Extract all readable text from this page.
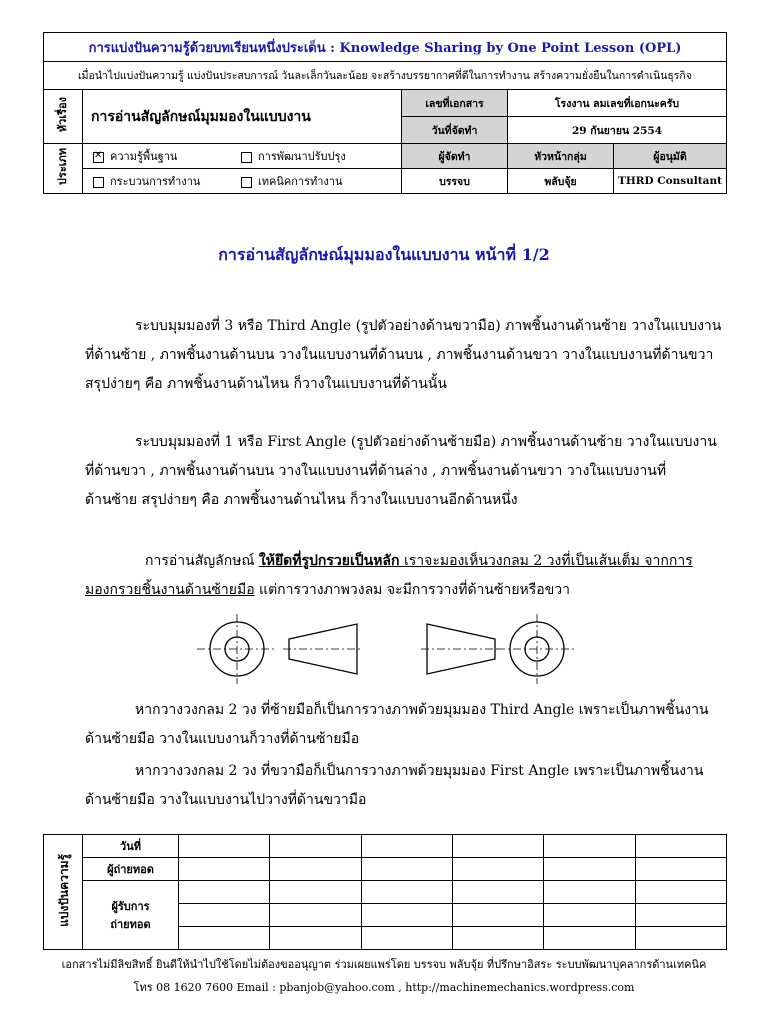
การแบ่งปันความรู้ด้วยบทเรียนหนึ่งประเด็น : Knowledge Sharing by One Point Lesson (OPL)					
เมื่อนำไปแบ่งปันความรู้ แบ่งปันประสบการณ์ วันละเล็กวันละน้อย จะสร้างบรรยากาศที่ดีในการทำงาน สร้างความยั่งยืนในการดำเนินธุรกิจ					
หัวเรื่อง	การอ่านสัญลักษณ์มุมมองในแบบงาน		เลขที่เอกสาร	โรงงาน ลมเลขที่เอกนะครับ	
			วันที่จัดทำ	29 กันยายน 2554	
ประเภท	✕ความรู้พื้นฐาน	การพัฒนาปรับปรุง	ผู้จัดทำ	หัวหน้ากลุ่ม	ผู้อนุมัติ
	กระบวนการทำงาน	เทคนิคการทำงาน	บรรจบ	พลับจุ้ย	THRD Consultant
การอ่านสัญลักษณ์มุมมองในแบบงาน หน้าที่ 1/2
ระบบมุมมองที่ 3 หรือ Third Angle (รูปตัวอย่างด้านขวามือ) ภาพชิ้นงานด้านซ้าย วางในแบบงาน
ที่ด้านซ้าย , ภาพชิ้นงานด้านบน วางในแบบงานที่ด้านบน , ภาพชิ้นงานด้านขวา วางในแบบงานที่ด้านขวา
สรุปง่ายๆ คือ ภาพชิ้นงานด้านไหน ก็วางในแบบงานที่ด้านนั้น
ระบบมุมมองที่ 1 หรือ First Angle (รูปตัวอย่างด้านซ้ายมือ) ภาพชิ้นงานด้านซ้าย วางในแบบงาน
ที่ด้านขวา , ภาพชิ้นงานด้านบน วางในแบบงานที่ด้านล่าง , ภาพชิ้นงานด้านขวา วางในแบบงานที่
ด้านซ้าย สรุปง่ายๆ คือ ภาพชิ้นงานด้านไหน ก็วางในแบบงานอีกด้านหนึ่ง
การอ่านสัญลักษณ์ ให้ยึดที่รูปกรวยเป็นหลัก เราจะมองเห็นวงกลม 2 วงที่เป็นเส้นเต็ม จากการ
มองกรวยชิ้นงานด้านซ้ายมือ แต่การวางภาพวงลม จะมีการวางที่ด้านซ้ายหรือขวา
หากวางวงกลม 2 วง ที่ซ้ายมือก็เป็นการวางภาพด้วยมุมมอง Third Angle เพราะเป็นภาพชิ้นงาน
ด้านซ้ายมือ วางในแบบงานก็วางที่ด้านซ้ายมือ
หากวางวงกลม 2 วง ที่ขวามือก็เป็นการวางภาพด้วยมุมมอง First Angle เพราะเป็นภาพชิ้นงาน
ด้านซ้ายมือ วางในแบบงานไปวางที่ด้านขวามือ
แบ่งปันความรู้	วันที่						
	ผู้ถ่ายทอด						

	ผู้รับการ
ถ่ายทอด						

เอกสารไม่มีลิขสิทธิ์ ยินดีให้นำไปใช้โดยไม่ต้องขออนุญาต ร่วมเผยแพร่โดย บรรจบ พลับจุ้ย ที่ปรึกษาอิสระ ระบบพัฒนาบุคลากรด้านเทคนิค
โทร 08 1620 7600 Email : pbanjob@yahoo.com , http://machinemechanics.wordpress.com
